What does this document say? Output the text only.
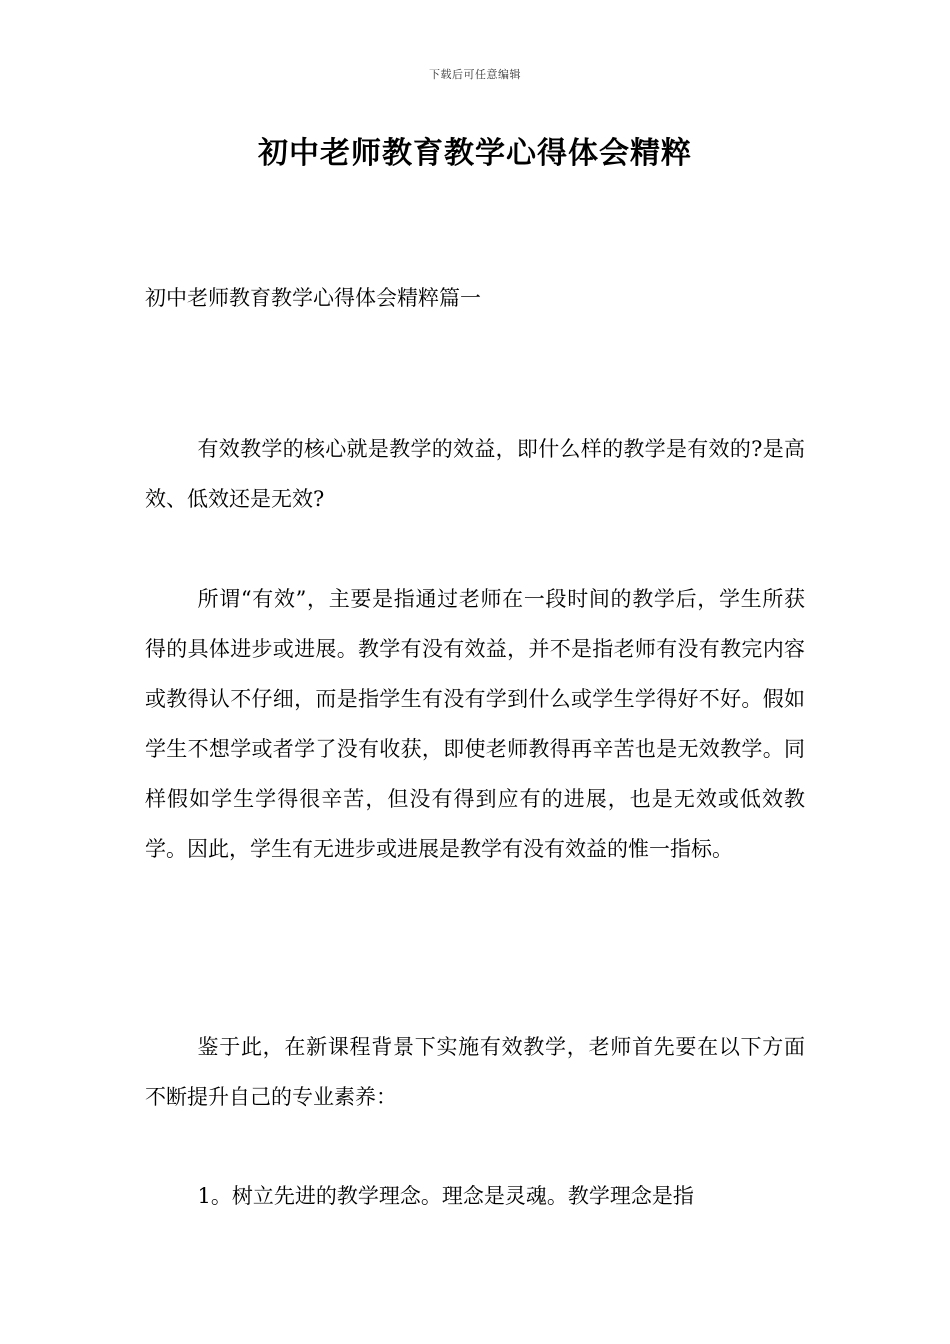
下载后可任意编辑
初中老师教育教学心得体会精粹
初中老师教育教学心得体会精粹篇一

有效教学的核心就是教学的效益，即什么样的教学是有效的?是高效、低效还是无效?

所谓“有效”，主要是指通过老师在一段时间的教学后，学生所获得的具体进步或进展。教学有没有效益，并不是指老师有没有教完内容或教得认不仔细，而是指学生有没有学到什么或学生学得好不好。假如学生不想学或者学了没有收获，即使老师教得再辛苦也是无效教学。同样假如学生学得很辛苦，但没有得到应有的进展，也是无效或低效教学。因此，学生有无进步或进展是教学有没有效益的惟一指标。

鉴于此，在新课程背景下实施有效教学，老师首先要在以下方面不断提升自己的专业素养：

1。树立先进的教学理念。理念是灵魂。教学理念是指
